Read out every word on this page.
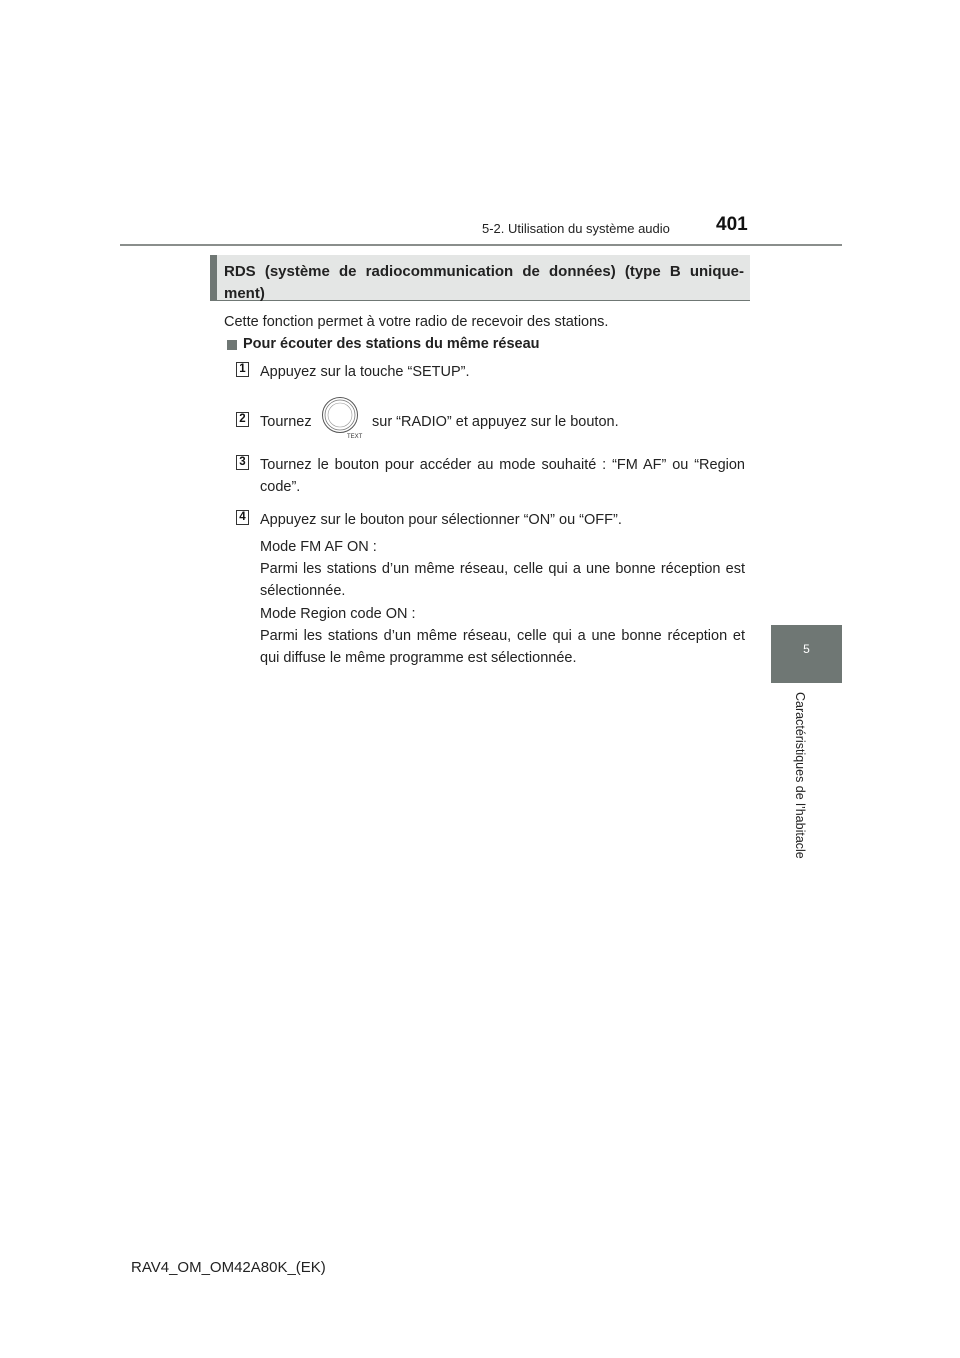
5-2. Utilisation du système audio 401
5
Caractéristiques de l’habitacle
RDS (système de radiocommunication de données) (type B unique-ment)
Cette fonction permet à votre radio de recevoir des stations.
Pour écouter des stations du même réseau
1 Appuyez sur la touche “SETUP”.
2 Tournez
TEXT
sur “RADIO” et appuyez sur le bouton.
3 Tournez le bouton pour accéder au mode souhaité : “FM AF” ou “Region code”.
4 Appuyez sur le bouton pour sélectionner “ON” ou “OFF”.
Mode FM AF ON :
Parmi les stations d’un même réseau, celle qui a une bonne réception est sélectionnée.
Mode Region code ON :
Parmi les stations d’un même réseau, celle qui a une bonne réception et qui diffuse le même programme est sélectionnée.
RAV4_OM_OM42A80K_(EK)
